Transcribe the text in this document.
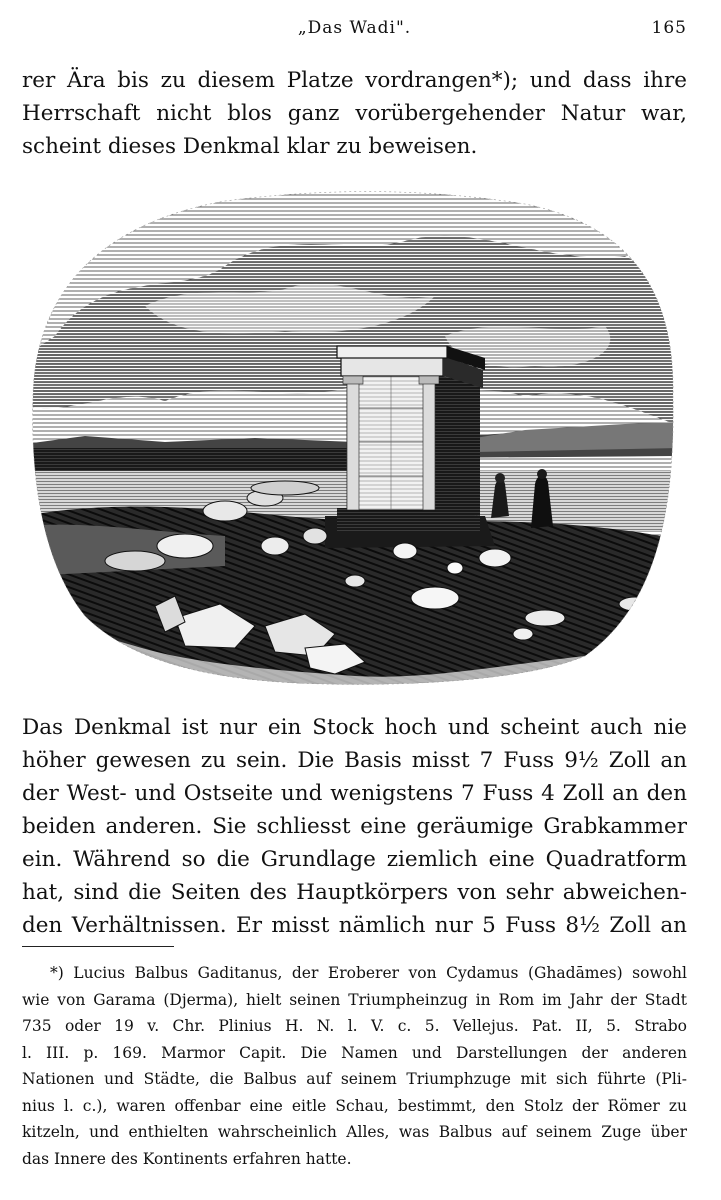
„Das Wadi".	165
rer Ära bis zu diesem Platze vordrangen*); und dass ihre
Herrschaft nicht blos ganz vorübergehender Natur war,
scheint dieses Denkmal klar zu beweisen.
Das Denkmal ist nur ein Stock hoch und scheint auch nie
höher gewesen zu sein. Die Basis misst 7 Fuss 9½ Zoll an
der West- und Ostseite und wenigstens 7 Fuss 4 Zoll an den
beiden anderen. Sie schliesst eine geräumige Grabkammer
ein. Während so die Grundlage ziemlich eine Quadratform
hat, sind die Seiten des Hauptkörpers von sehr abweichen-
den Verhältnissen. Er misst nämlich nur 5 Fuss 8½ Zoll an
*) Lucius Balbus Gaditanus, der Eroberer von Cydamus (Ghadāmes) sowohl
wie von Garama (Djerma), hielt seinen Triumpheinzug in Rom im Jahr der Stadt
735 oder 19 v. Chr. Plinius H. N. l. V. c. 5. Vellejus. Pat. II, 5. Strabo
l. III. p. 169. Marmor Capit. Die Namen und Darstellungen der anderen
Nationen und Städte, die Balbus auf seinem Triumphzuge mit sich führte (Pli-
nius l. c.), waren offenbar eine eitle Schau, bestimmt, den Stolz der Römer zu
kitzeln, und enthielten wahrscheinlich Alles, was Balbus auf seinem Zuge über
das Innere des Kontinents erfahren hatte.
